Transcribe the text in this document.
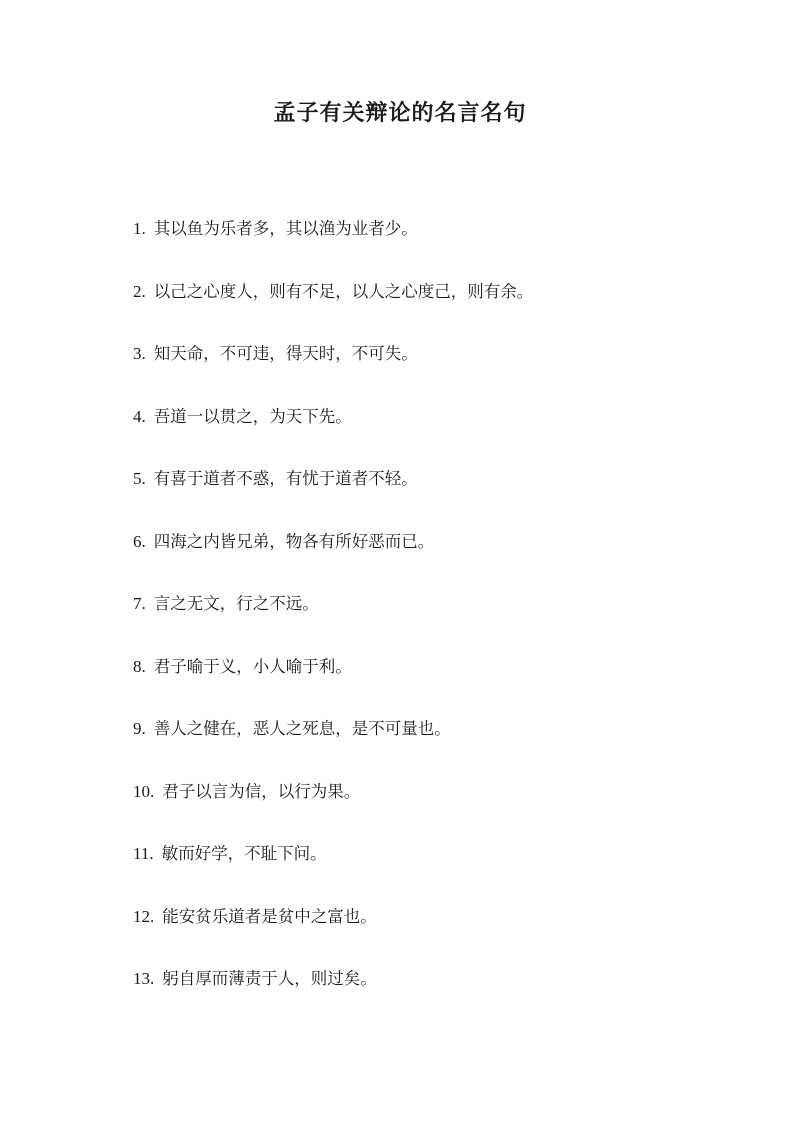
孟子有关辩论的名言名句
1. 其以鱼为乐者多，其以渔为业者少。
2. 以己之心度人，则有不足，以人之心度己，则有余。
3. 知天命，不可违，得天时，不可失。
4. 吾道一以贯之，为天下先。
5. 有喜于道者不惑，有忧于道者不轻。
6. 四海之内皆兄弟，物各有所好恶而已。
7. 言之无文，行之不远。
8. 君子喻于义，小人喻于利。
9. 善人之健在，恶人之死息，是不可量也。
10. 君子以言为信，以行为果。
11. 敏而好学，不耻下问。
12. 能安贫乐道者是贫中之富也。
13. 躬自厚而薄责于人，则过矣。
